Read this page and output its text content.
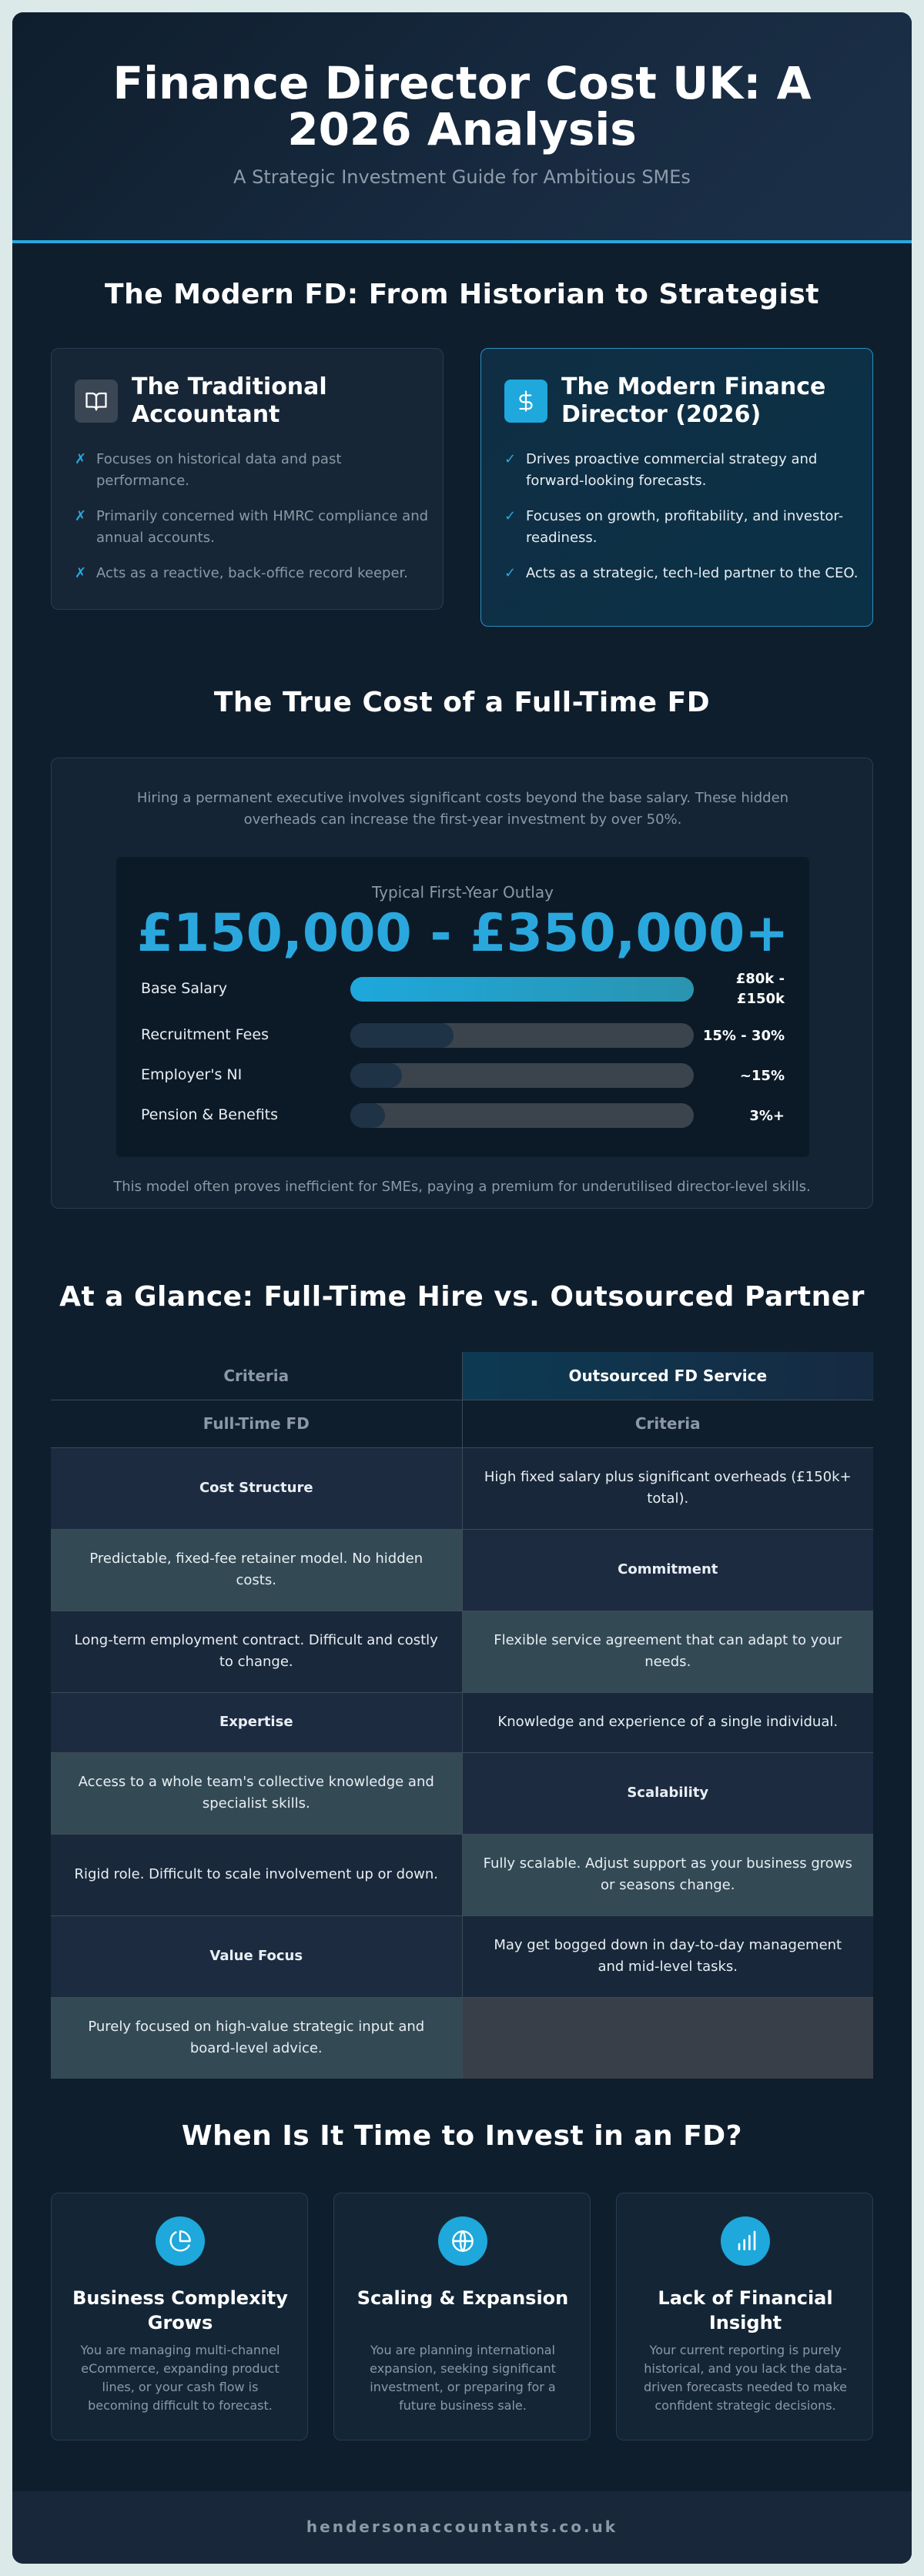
Finance Director Cost UK: A 2026 Analysis
A Strategic Investment Guide for Ambitious SMEs
The Modern FD: From Historian to Strategist
The Traditional Accountant
✗ Focuses on historical data and past performance.
✗ Primarily concerned with HMRC compliance and annual accounts.
✗ Acts as a reactive, back-office record keeper.
The Modern Finance Director (2026)
✓ Drives proactive commercial strategy and forward-looking forecasts.
✓ Focuses on growth, profitability, and investor-readiness.
✓ Acts as a strategic, tech-led partner to the CEO.
The True Cost of a Full-Time FD

Hiring a permanent executive involves significant costs beyond the base salary. These hidden overheads can increase the first-year investment by over 50%.

Typical First-Year Outlay
£150,000 - £350,000+
Base Salary
£80k - £150k
Recruitment Fees	15% - 30%
Employer's NI	~15%
Pension & Benefits	3%+

This model often proves inefficient for SMEs, paying a premium for underutilised director-level skills.

At a Glance: Full-Time Hire vs. Outsourced Partner
Criteria	Outsourced FD Service
Full-Time FD	Criteria
Cost Structure	High fixed salary plus significant overheads (£150k+ total).
Predictable, fixed-fee retainer model. No hidden costs.	Commitment
Long-term employment contract. Difficult and costly to change.	Flexible service agreement that can adapt to your needs.
Expertise	Knowledge and experience of a single individual.
Access to a whole team's collective knowledge and specialist skills.	Scalability
Rigid role. Difficult to scale involvement up or down.	Fully scalable. Adjust support as your business grows or seasons change.
Value Focus	May get bogged down in day-to-day management and mid-level tasks.
Purely focused on high-value strategic input and board-level advice.	
When Is It Time to Invest in an FD?
Business Complexity Grows

You are managing multi-channel eCommerce, expanding product lines, or your cash flow is becoming difficult to forecast.

Scaling & Expansion

You are planning international expansion, seeking significant investment, or preparing for a future business sale.

Lack of Financial Insight

Your current reporting is purely historical, and you lack the data-driven forecasts needed to make confident strategic decisions.

hendersonaccountants.co.uk
